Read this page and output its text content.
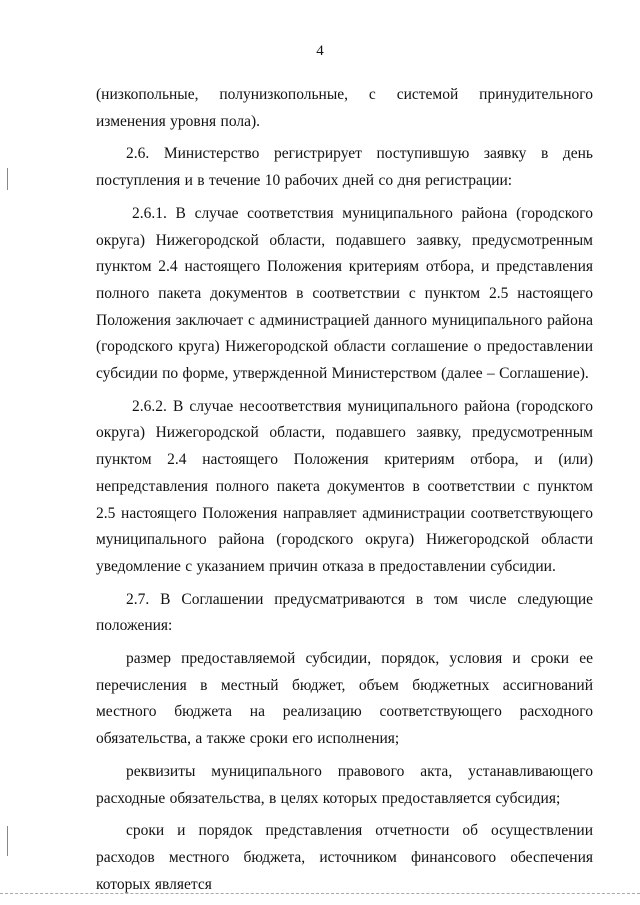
4

(низкопольные, полунизкопольные, с системой принудительного изменения уровня пола).

2.6. Министерство регистрирует поступившую заявку в день поступления и в течение 10 рабочих дней со дня регистрации:

2.6.1. В случае соответствия муниципального района (городского округа) Нижегородской области, подавшего заявку, предусмотренным пунктом 2.4 настоящего Положения критериям отбора, и представления полного пакета документов в соответствии с пунктом 2.5 настоящего Положения заключает с администрацией данного муниципального района (городского круга) Нижегородской области соглашение о предоставлении субсидии по форме, утвержденной Министерством (далее – Соглашение).

2.6.2. В случае несоответствия муниципального района (городского округа) Нижегородской области, подавшего заявку, предусмотренным пунктом 2.4 настоящего Положения критериям отбора, и (или) непредставления полного пакета документов в соответствии с пунктом 2.5 настоящего Положения направляет администрации соответствующего муниципального района (городского округа) Нижегородской области уведомление с указанием причин отказа в предоставлении субсидии.

2.7. В Соглашении предусматриваются в том числе следующие положения:

размер предоставляемой субсидии, порядок, условия и сроки ее перечисления в местный бюджет, объем бюджетных ассигнований местного бюджета на реализацию соответствующего расходного обязательства, а также сроки его исполнения;

реквизиты муниципального правового акта, устанавливающего расходные обязательства, в целях которых предоставляется субсидия;

сроки и порядок представления отчетности об осуществлении расходов местного бюджета, источником финансового обеспечения которых является
